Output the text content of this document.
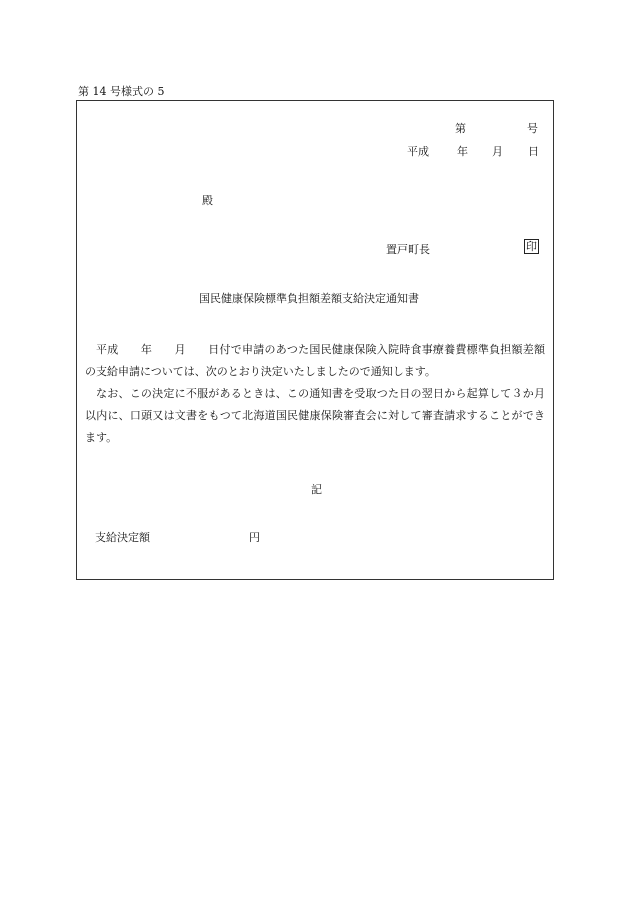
第 14 号様式の 5
第	号
平成	年 月 日
殿
置戸町長	印
国民健康保険標準負担額差額支給決定通知書

平成　　年　　月　　日付で申請のあつた国民健康保険入院時食事療養費標準負担額差額の支給申請については、次のとおり決定いたしましたので通知します。

なお、この決定に不服があるときは、この通知書を受取つた日の翌日から起算して３か月以内に、口頭又は文書をもつて北海道国民健康保険審査会に対して審査請求することができます。

記
支給決定額	円
